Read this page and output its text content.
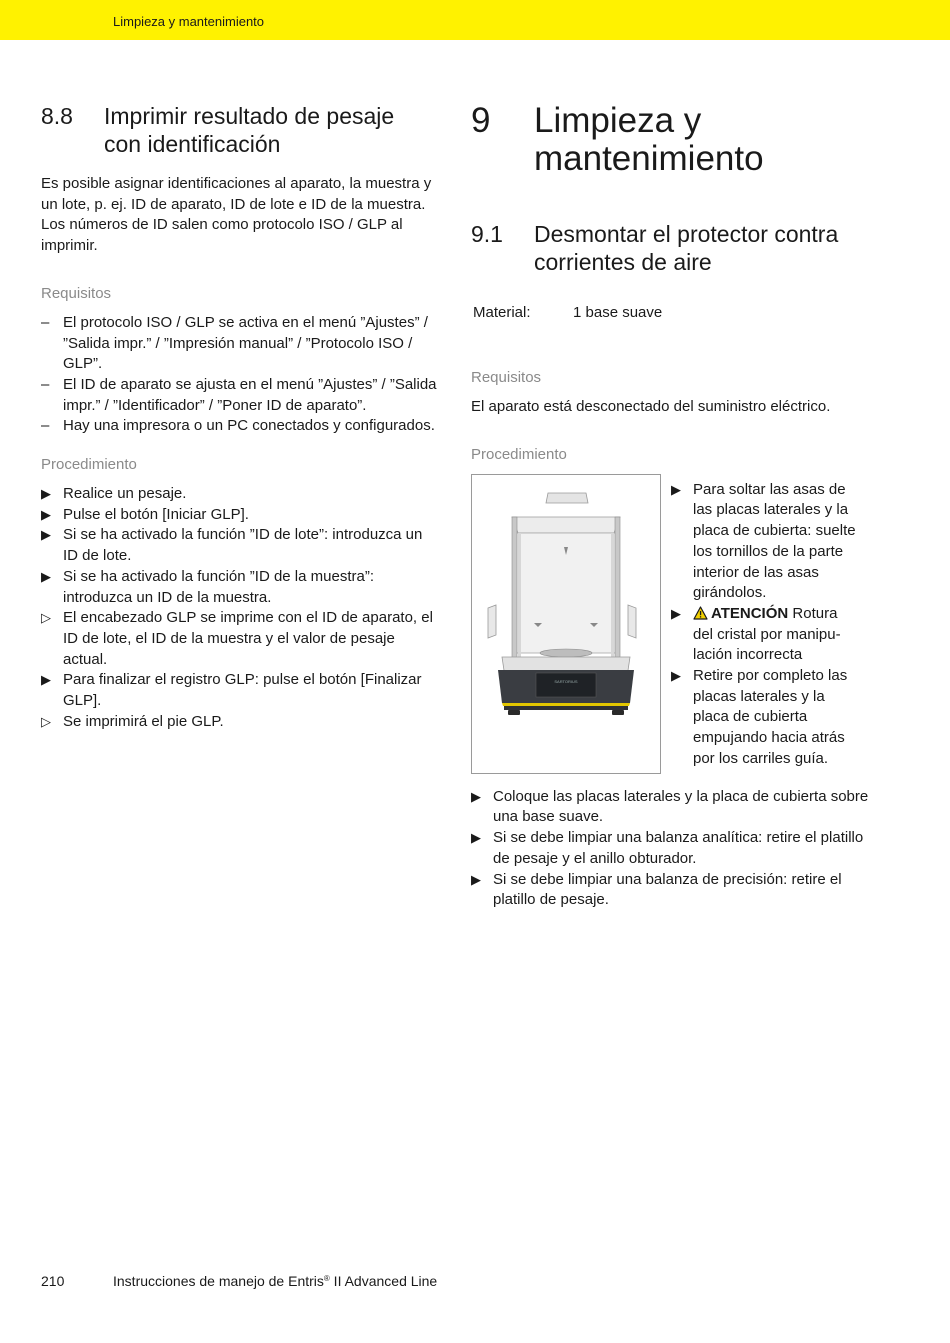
Limpieza y mantenimiento
8.8	Imprimir resultado de pesaje
con identificación

Es posible asignar identificaciones al aparato, la muestra y un lote, p. ej. ID de aparato, ID de lote e ID de la muestra. Los números de ID salen como protocolo ISO / GLP al imprimir.

Requisitos
– El protocolo ISO / GLP se activa en el menú ”Ajustes” / ”Salida impr.” / ”Impresión manual” / ”Protocolo ISO / GLP”.
– El ID de aparato se ajusta en el menú ”Ajustes” / ”Salida impr.” / ”Identificador” / ”Poner ID de aparato”.
– Hay una impresora o un PC conectados y configurados.
Procedimiento
▶ Realice un pesaje.
▶ Pulse el botón [Iniciar GLP].
▶ Si se ha activado la función ”ID de lote”: introduzca un ID de lote.
▶ Si se ha activado la función ”ID de la muestra”: introduzca un ID de la muestra.
▷ El encabezado GLP se imprime con el ID de aparato, el ID de lote, el ID de la muestra y el valor de pesaje actual.
▶ Para finalizar el registro GLP: pulse el botón [Finalizar GLP].
▷ Se imprimirá el pie GLP.
9	Limpieza y
mantenimiento
9.1	Desmontar el protector contra
corrientes de aire
Material:	1 base suave
Requisitos

El aparato está desconectado del suministro eléctrico.

Procedimiento
SARTORIUS
▶ Para soltar las asas de las placas laterales y la placa de cubierta: suelte los tornillos de la parte interior de las asas girándolos.
▶	ATENCIÓN Rotura del cristal por manipu-lación incorrecta
▶ Retire por completo las placas laterales y la placa de cubierta empujando hacia atrás por los carriles guía.
▶ Coloque las placas laterales y la placa de cubierta sobre una base suave.
▶ Si se debe limpiar una balanza analítica: retire el platillo de pesaje y el anillo obturador.
▶ Si se debe limpiar una balanza de precisión: retire el platillo de pesaje.
210	Instrucciones de manejo de Entris® II Advanced Line
